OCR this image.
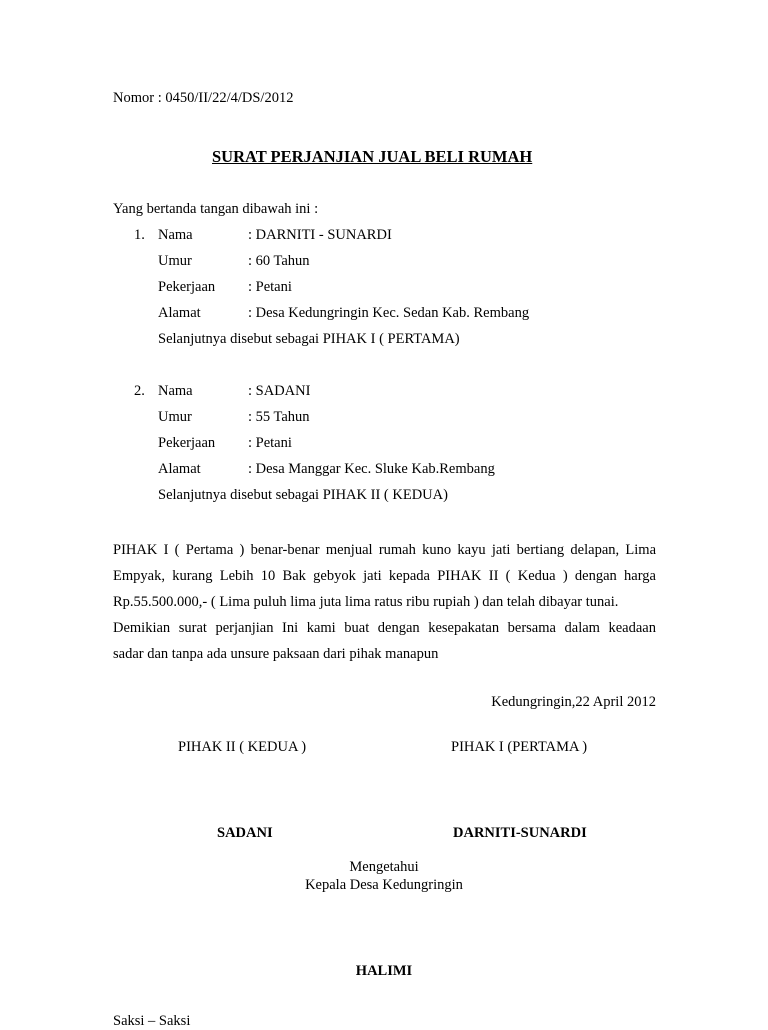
Nomor : 0450/II/22/4/DS/2012
SURAT PERJANJIAN JUAL BELI RUMAH
Yang bertanda tangan dibawah ini :
1. Nama	: DARNITI - SUNARDI
Umur	: 60 Tahun
Pekerjaan : Petani
Alamat	: Desa Kedungringin Kec. Sedan Kab. Rembang
Selanjutnya disebut sebagai PIHAK I ( PERTAMA)
2. Nama	: SADANI
Umur	: 55 Tahun
Pekerjaan : Petani
Alamat	: Desa Manggar Kec. Sluke Kab.Rembang
Selanjutnya disebut sebagai PIHAK II ( KEDUA)
PIHAK I ( Pertama ) benar-benar menjual rumah kuno kayu jati bertiang delapan, Lima
Empyak, kurang Lebih 10 Bak gebyok jati kepada PIHAK II ( Kedua ) dengan harga
Rp.55.500.000,- ( Lima puluh lima juta lima ratus ribu rupiah ) dan telah dibayar tunai.
Demikian surat perjanjian Ini kami buat dengan kesepakatan bersama dalam keadaan
sadar dan tanpa ada unsure paksaan dari pihak manapun
Kedungringin,22 April 2012
PIHAK II ( KEDUA )	PIHAK I (PERTAMA )
SADANI	DARNITI-SUNARDI
Mengetahui
Kepala Desa Kedungringin
HALIMI
Saksi – Saksi
